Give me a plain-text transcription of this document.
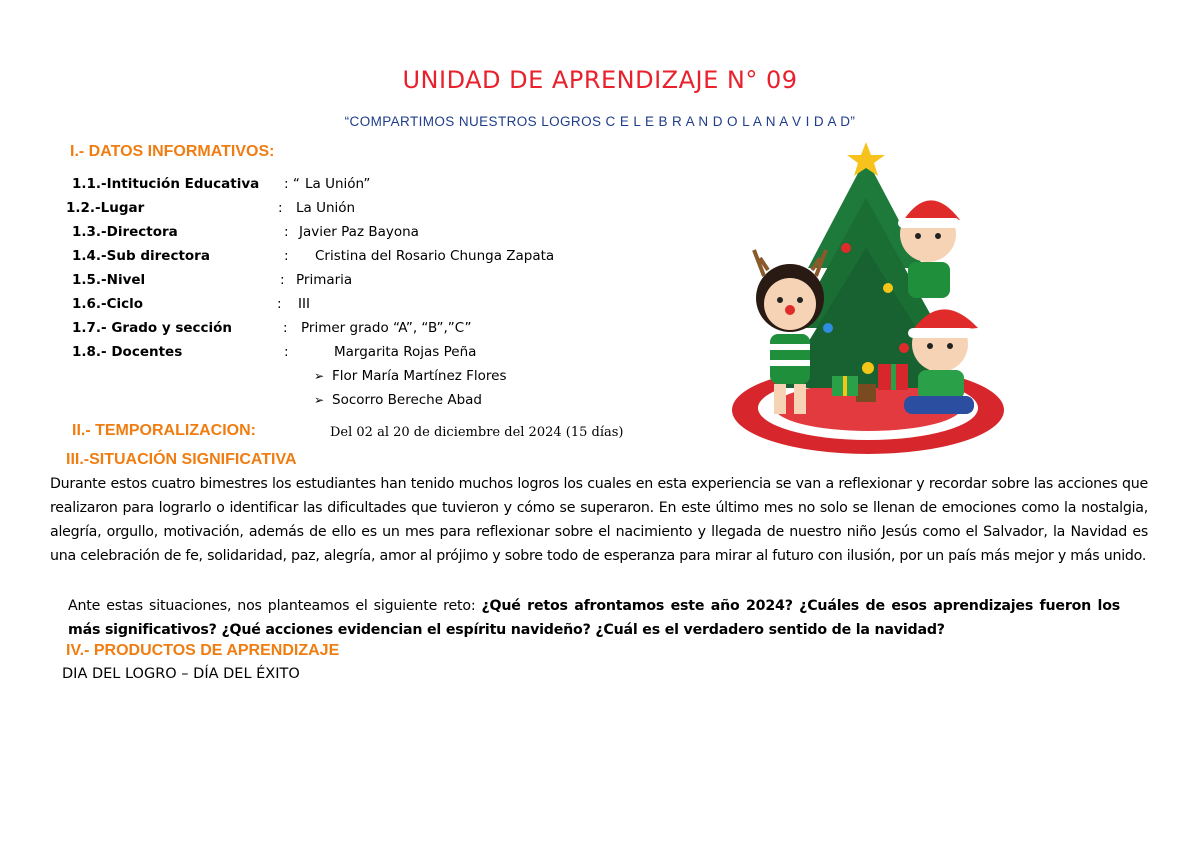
UNIDAD DE APRENDIZAJE N° 09
“COMPARTIMOS NUESTROS LOGROS C E L E B R A N D O L A N A V I D A D”
I.- DATOS INFORMATIVOS:
1.1.-Intitución Educativa : “ La Unión”
1.2.-Lugar	: La Unión
1.3.-Directora	: Javier Paz Bayona
1.4.-Sub directora	: Cristina del Rosario Chunga Zapata
1.5.-Nivel	: Primaria
1.6.-Ciclo	: III
1.7.- Grado y sección	: Primer grado “A”, “B”,”C”
1.8.- Docentes	:	Margarita Rojas Peña
➢ Flor María Martínez Flores
➢ Socorro Bereche Abad
II.- TEMPORALIZACION:	Del 02 al 20 de diciembre del 2024 (15 días)
III.-SITUACIÓN SIGNIFICATIVA
Durante estos cuatro bimestres los estudiantes han tenido muchos logros los cuales en esta experiencia se van a reflexionar y recordar sobre las acciones que realizaron para lograrlo o identificar las dificultades que tuvieron y cómo se superaron. En este último mes no solo se llenan de emociones como la nostalgia, alegría, orgullo, motivación, además de ello es un mes para reflexionar sobre el nacimiento y llegada de nuestro niño Jesús como el Salvador, la Navidad es una celebración de fe, solidaridad, paz, alegría, amor al prójimo y sobre todo de esperanza para mirar al futuro con ilusión, por un país más mejor y más unido.
Ante estas situaciones, nos planteamos el siguiente reto: ¿Qué retos afrontamos este año 2024? ¿Cuáles de esos aprendizajes fueron los más significativos? ¿Qué acciones evidencian el espíritu navideño? ¿Cuál es el verdadero sentido de la navidad?
IV.- PRODUCTOS DE APRENDIZAJE
DIA DEL LOGRO – DÍA DEL ÉXITO
